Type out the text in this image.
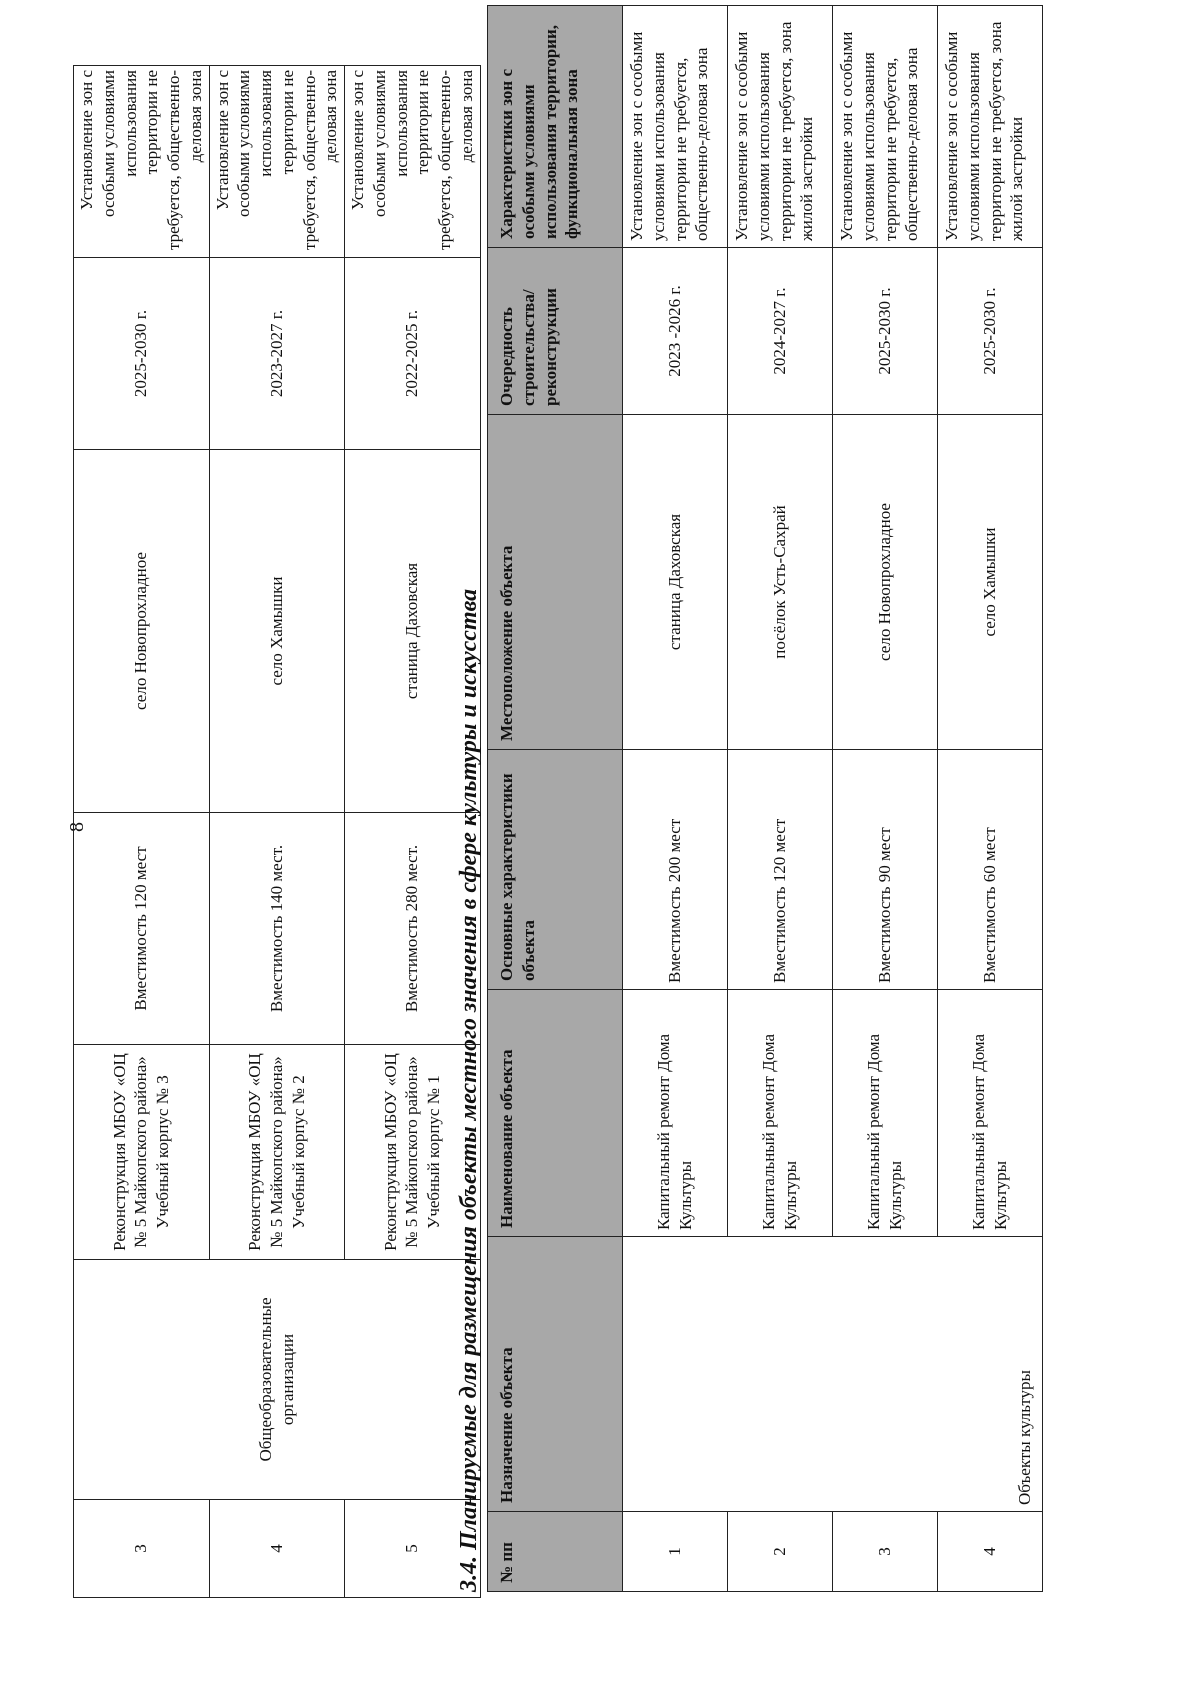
8
3	Общеобразовательные организации	Реконструкция МБОУ «ОЦ № 5 Майкопского района» Учебный корпус № 3	Вместимость 120 мест	село Новопрохладное	2025-2030 г.	Установление зон с особыми условиями использования территории не требуется, общественно-деловая зона
4		Реконструкция МБОУ «ОЦ № 5 Майкопского района» Учебный корпус № 2	Вместимость 140 мест.	село Хамышки	2023-2027 г.	Установление зон с особыми условиями использования территории не требуется, общественно-деловая зона
5		Реконструкция МБОУ «ОЦ № 5 Майкопского района» Учебный корпус № 1	Вместимость 280 мест.	станица Даховская	2022-2025 г.	Установление зон с особыми условиями использования территории не требуется, общественно-деловая зона
3.4. Планируемые для размещения объекты местного значения в сфере культуры и искусства № пп	Назначение объекта	Наименование объекта	Основные характеристики объекта	Местоположение объекта	Очередность строительства/ реконструкции	Характеристики зон с особыми условиями использования территории, функциональная зона
1	Объекты культуры	Капитальный ремонт Дома Культуры	Вместимость 200 мест	станица Даховская	2023 -2026 г.	Установление зон с особыми условиями использования территории не требуется, общественно-деловая зона
2		Капитальный ремонт Дома Культуры	Вместимость 120 мест	посёлок Усть-Сахрай	2024-2027 г.	Установление зон с особыми условиями использования территории не требуется, зона жилой застройки
3		Капитальный ремонт Дома Культуры	Вместимость 90 мест	село Новопрохладное	2025-2030 г.	Установление зон с особыми условиями использования территории не требуется, общественно-деловая зона
4		Капитальный ремонт Дома Культуры	Вместимость 60 мест	село Хамышки	2025-2030 г.	Установление зон с особыми условиями использования территории не требуется, зона жилой застройки
